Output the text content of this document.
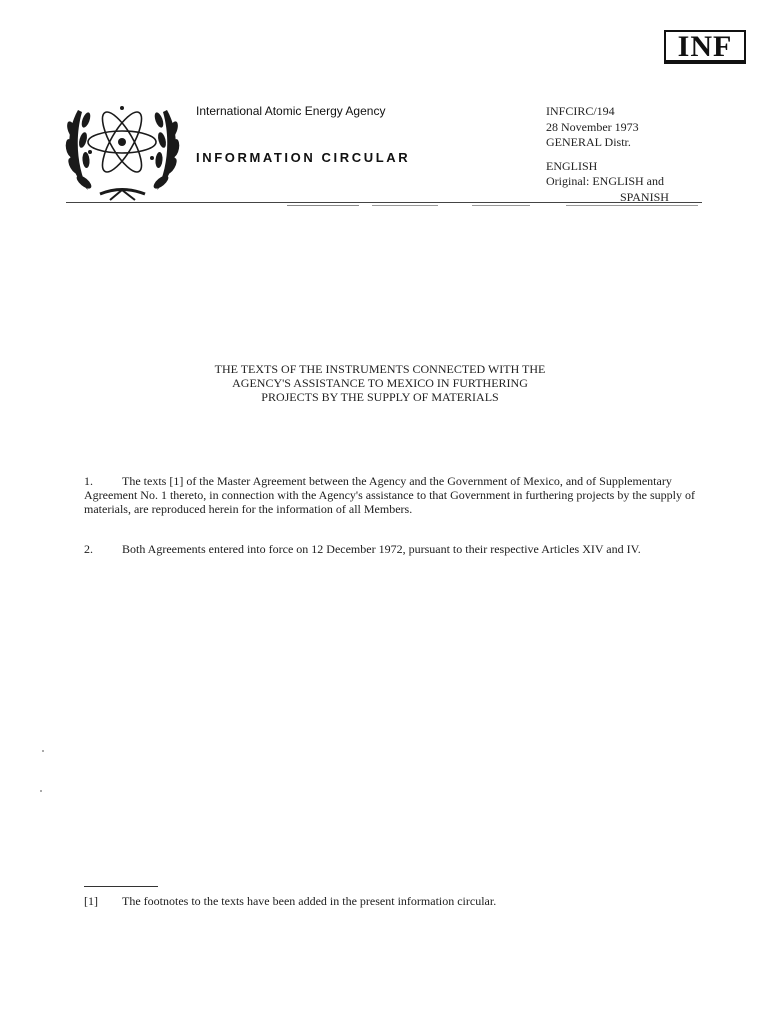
INF
International Atomic Energy Agency
INFORMATION CIRCULAR
INFCIRC/194
28 November 1973
GENERAL Distr.
ENGLISH
Original: ENGLISH and
SPANISH
THE TEXTS OF THE INSTRUMENTS CONNECTED WITH THE
AGENCY'S ASSISTANCE TO MEXICO IN FURTHERING
PROJECTS BY THE SUPPLY OF MATERIALS
1. The texts [1] of the Master Agreement between the Agency and the Government of Mexico, and of Supplementary Agreement No. 1 thereto, in connection with the Agency's assistance to that Government in furthering projects by the supply of materials, are reproduced herein for the information of all Members.
2. Both Agreements entered into force on 12 December 1972, pursuant to their respective Articles XIV and IV.
[1] The footnotes to the texts have been added in the present information circular.
